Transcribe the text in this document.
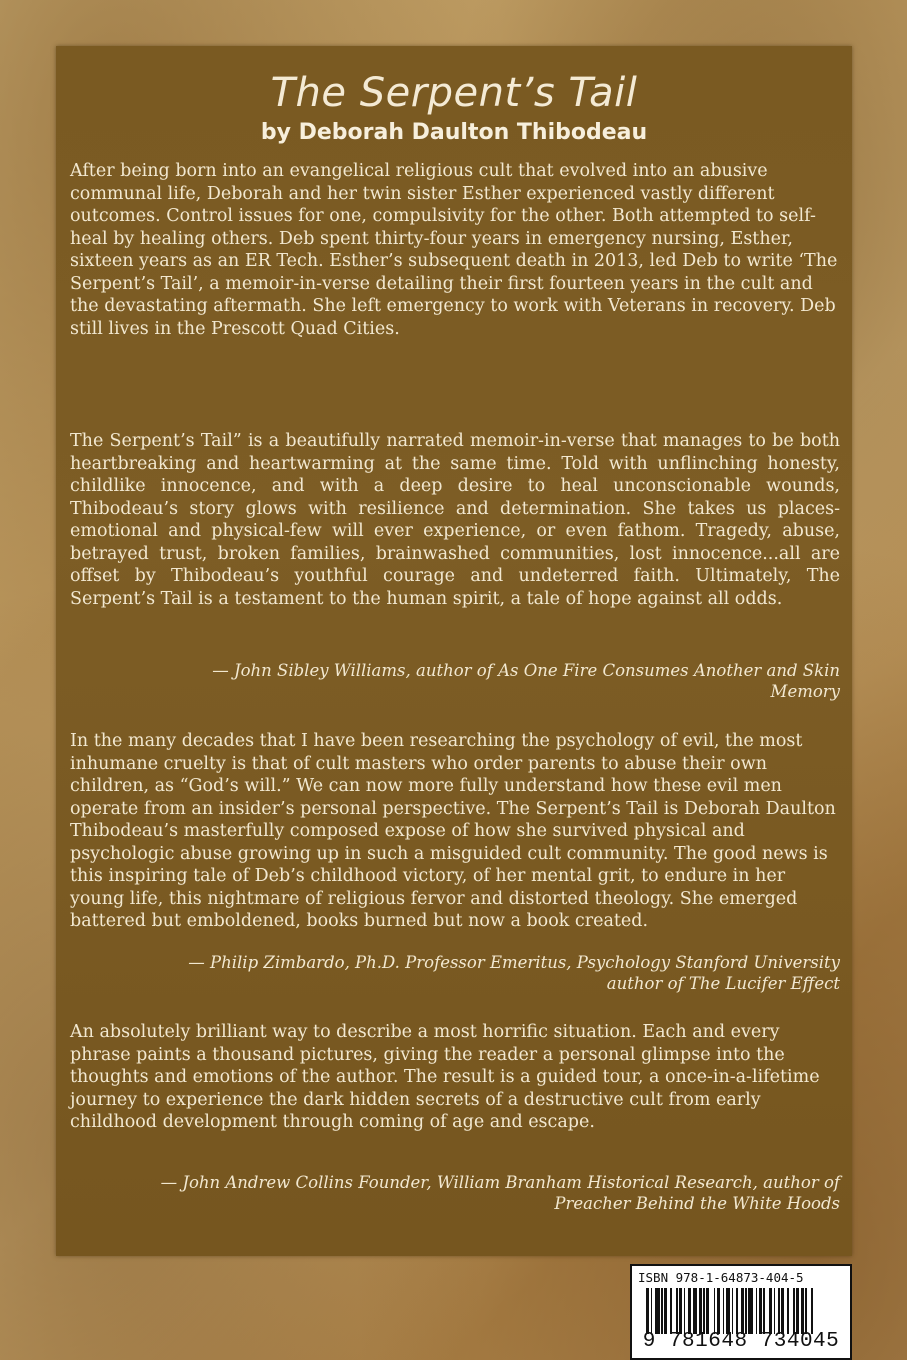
The Serpent’s Tail
by Deborah Daulton Thibodeau
After being born into an evangelical religious cult that evolved into an abusive communal life, Deborah and her twin sister Esther experienced vastly different outcomes. Control issues for one, compulsivity for the other. Both attempted to self-heal by healing others. Deb spent thirty-four years in emergency nursing, Esther, sixteen years as an ER Tech. Esther’s subsequent death in 2013, led Deb to write ‘The Serpent’s Tail’, a memoir-in-verse detailing their first fourteen years in the cult and the devastating aftermath. She left emergency to work with Veterans in recovery. Deb still lives in the Prescott Quad Cities.
The Serpent’s Tail” is a beautifully narrated memoir-in-verse that manages to be both heartbreaking and heartwarming at the same time. Told with unflinching honesty, childlike innocence, and with a deep desire to heal unconscionable wounds, Thibodeau’s story glows with resilience and determination. She takes us places-emotional and physical-few will ever experience, or even fathom. Tragedy, abuse, betrayed trust, broken families, brainwashed communities, lost innocence...all are offset by Thibodeau’s youthful courage and undeterred faith. Ultimately, The Serpent’s Tail is a testament to the human spirit, a tale of hope against all odds.
— John Sibley Williams, author of As One Fire Consumes Another and Skin
Memory
In the many decades that I have been researching the psychology of evil, the most inhumane cruelty is that of cult masters who order parents to abuse their own children, as “God’s will.” We can now more fully understand how these evil men operate from an insider’s personal perspective. The Serpent’s Tail is Deborah Daulton Thibodeau’s masterfully composed expose of how she survived physical and psychologic abuse growing up in such a misguided cult community. The good news is this inspiring tale of Deb’s childhood victory, of her mental grit, to endure in her young life, this nightmare of religious fervor and distorted theology. She emerged battered but emboldened, books burned but now a book created.
— Philip Zimbardo, Ph.D. Professor Emeritus, Psychology Stanford University
author of The Lucifer Effect
An absolutely brilliant way to describe a most horrific situation. Each and every phrase paints a thousand pictures, giving the reader a personal glimpse into the thoughts and emotions of the author. The result is a guided tour, a once-in-a-lifetime journey to experience the dark hidden secrets of a destructive cult from early childhood development through coming of age and escape.
— John Andrew Collins Founder, William Branham Historical Research, author of
Preacher Behind the White Hoods
ISBN 978-1-64873-404-5
9 781648 734045
